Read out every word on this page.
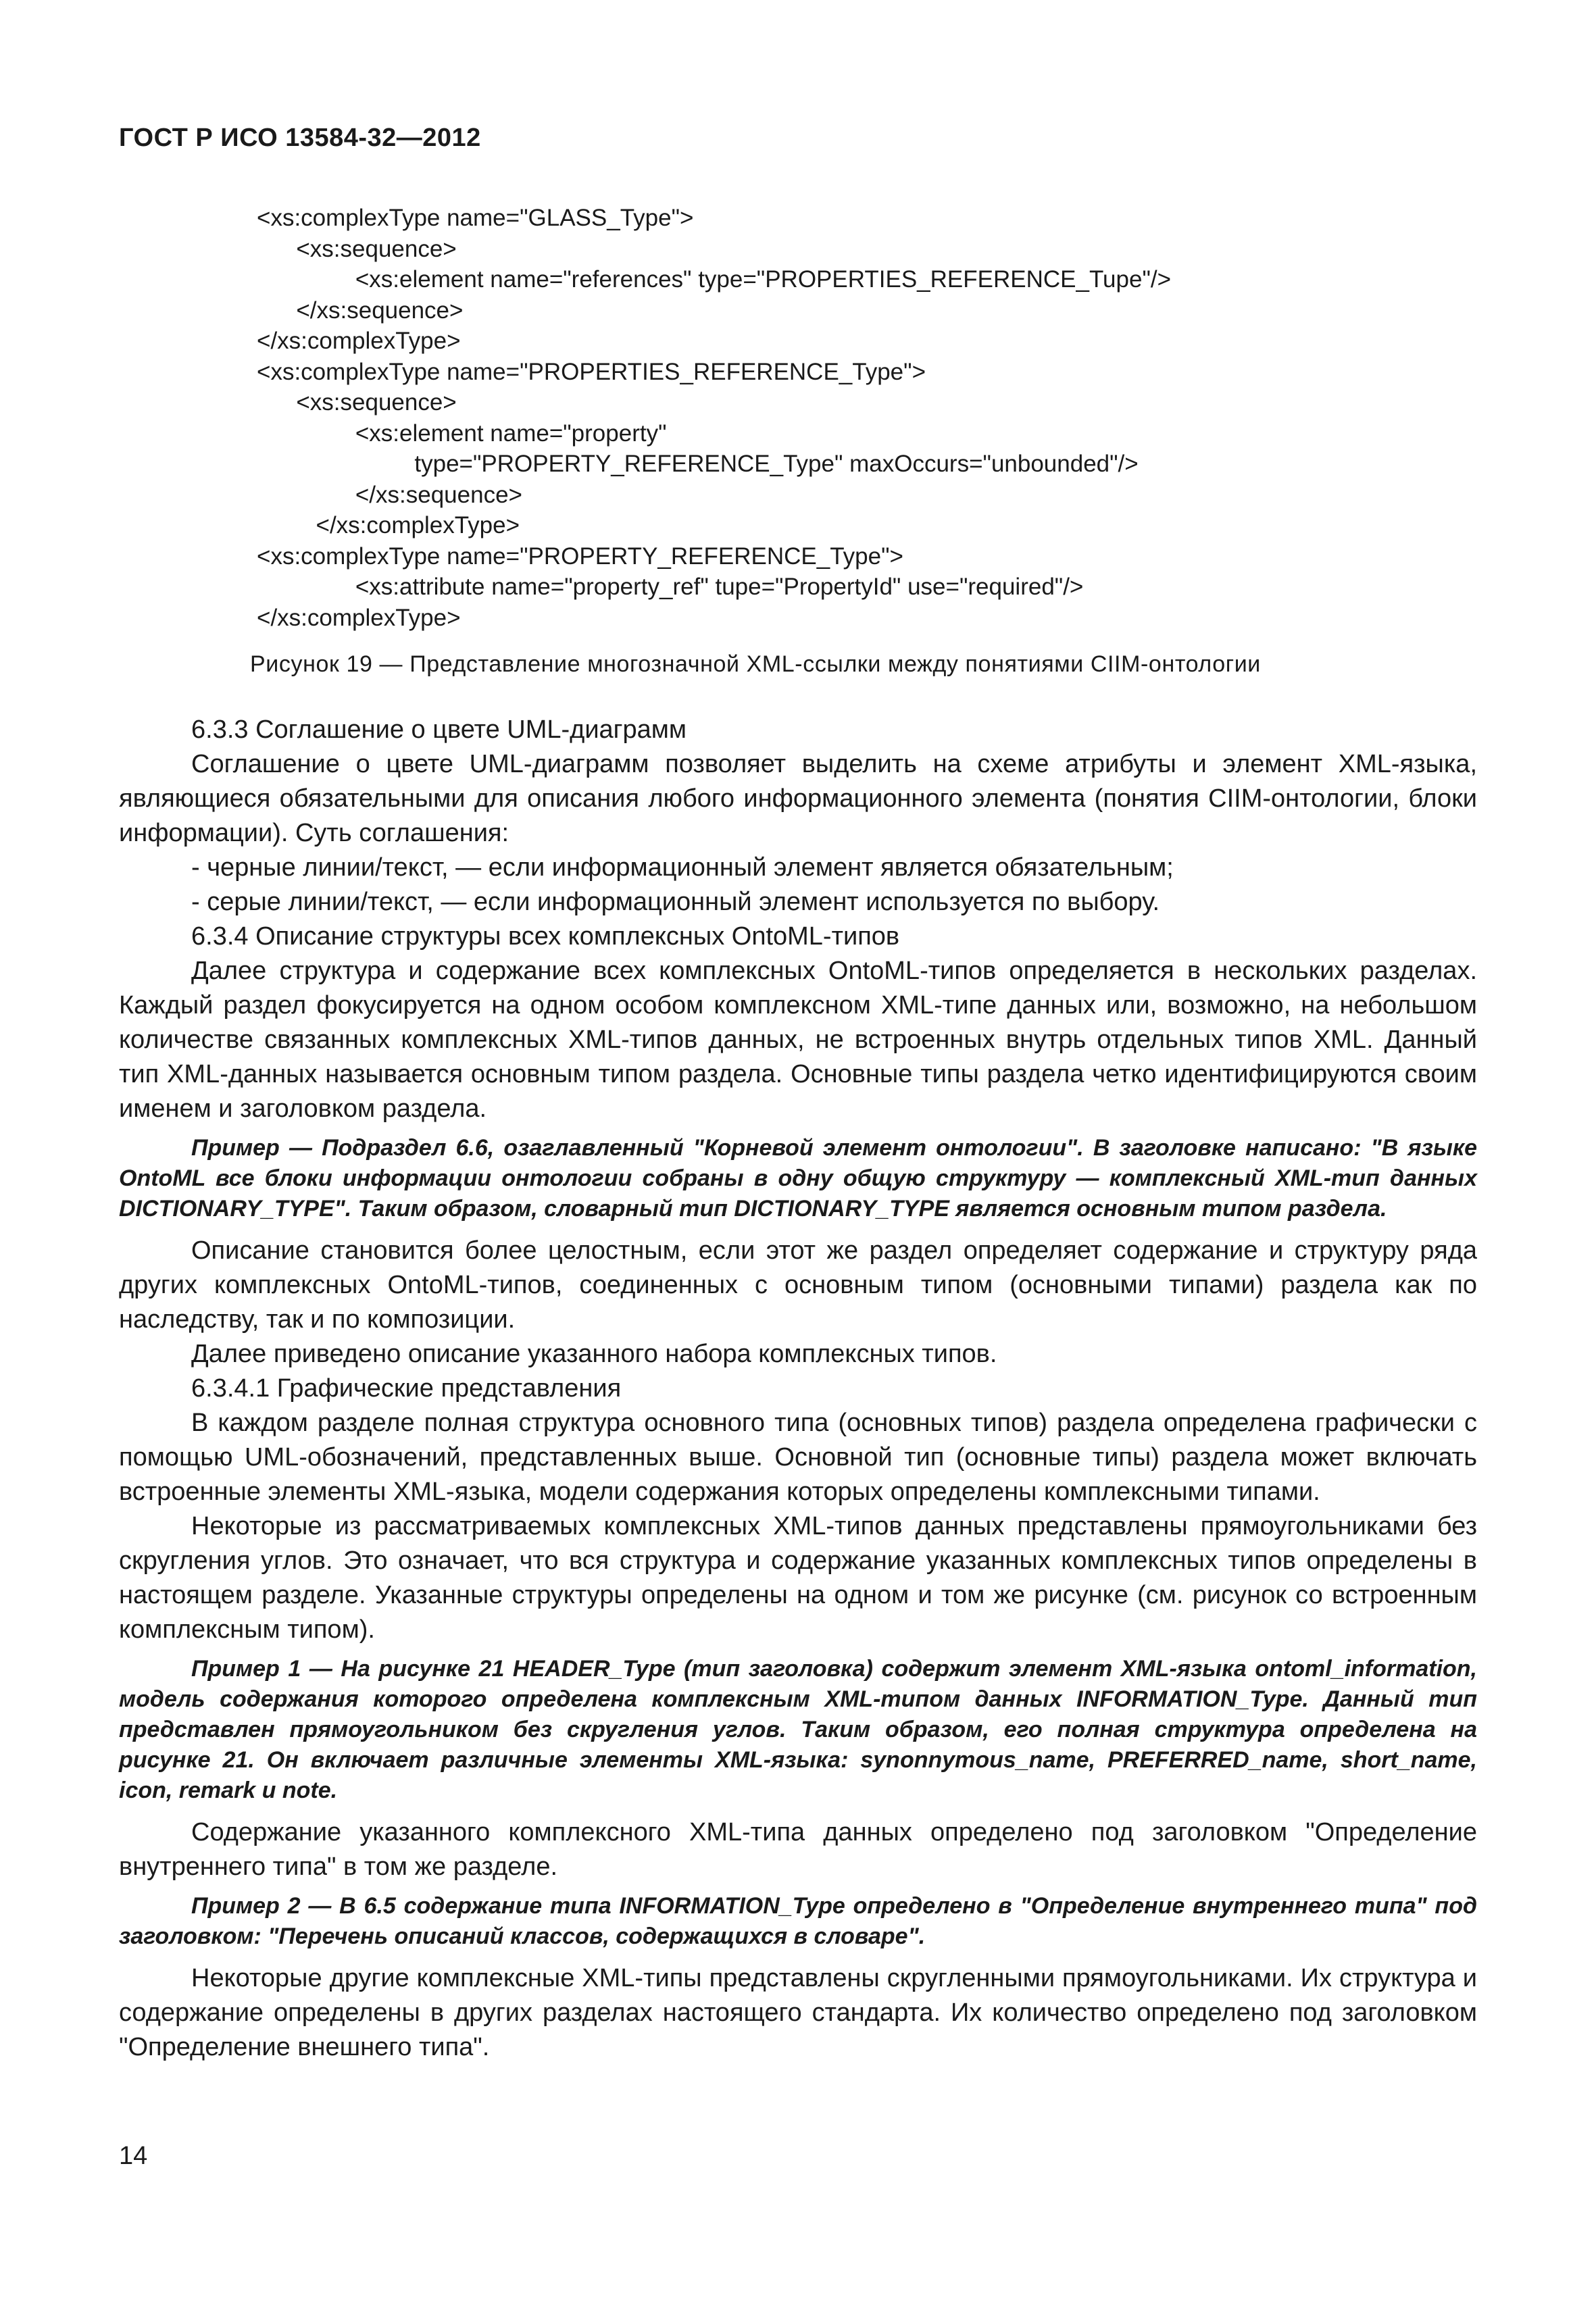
ГОСТ Р ИСО 13584-32—2012
<xs:complexType name="GLASS_Type">
<xs:sequence>
<xs:element name="references" type="PROPERTIES_REFERENCE_Tupe"/>
</xs:sequence>
</xs:complexType>
<xs:complexType name="PROPERTIES_REFERENCE_Type">
<xs:sequence>
<xs:element name="property"
type="PROPERTY_REFERENCE_Type" maxOccurs="unbounded"/>
</xs:sequence>
</xs:complexType>
<xs:complexType name="PROPERTY_REFERENCE_Type">
<xs:attribute name="property_ref" tupe="PropertyId" use="required"/>
</xs:complexType>
Рисунок 19 — Представление многозначной XML-ссылки между понятиями CIIM-онтологии

6.3.3 Соглашение о цвете UML-диаграмм

Соглашение о цвете UML-диаграмм позволяет выделить на схеме атрибуты и элемент XML-языка, являющиеся обязательными для описания любого информационного элемента (понятия CIIM-онтологии, блоки информации). Суть соглашения:

- черные линии/текст, — если информационный элемент является обязательным;

- серые линии/текст, — если информационный элемент используется по выбору.

6.3.4 Описание структуры всех комплексных OntoML-типов

Далее структура и содержание всех комплексных OntoML-типов определяется в нескольких разделах. Каждый раздел фокусируется на одном особом комплексном XML-типе данных или, возможно, на небольшом количестве связанных комплексных XML-типов данных, не встроенных внутрь отдельных типов XML. Данный тип XML-данных называется основным типом раздела. Основные типы раздела четко идентифицируются своим именем и заголовком раздела.

Пример — Подраздел 6.6, озаглавленный "Корневой элемент онтологии". В заголовке написано: "В языке OntoML все блоки информации онтологии собраны в одну общую структуру — комплексный XML-тип данных DICTIONARY_TYPE". Таким образом, словарный тип DICTIONARY_TYPE является основным типом раздела.

Описание становится более целостным, если этот же раздел определяет содержание и структуру ряда других комплексных OntoML-типов, соединенных с основным типом (основными типами) раздела как по наследству, так и по композиции.

Далее приведено описание указанного набора комплексных типов.

6.3.4.1 Графические представления

В каждом разделе полная структура основного типа (основных типов) раздела определена графически с помощью UML-обозначений, представленных выше. Основной тип (основные типы) раздела может включать встроенные элементы XML-языка, модели содержания которых определены комплексными типами.

Некоторые из рассматриваемых комплексных XML-типов данных представлены прямоугольниками без скругления углов. Это означает, что вся структура и содержание указанных комплексных типов определены в настоящем разделе. Указанные структуры определены на одном и том же рисунке (см. рисунок со встроенным комплексным типом).

Пример 1 — На рисунке 21 HEADER_Type (тип заголовка) содержит элемент XML-языка ontoml_information, модель содержания которого определена комплексным XML-типом данных INFORMATION_Type. Данный тип представлен прямоугольником без скругления углов. Таким образом, его полная структура определена на рисунке 21. Он включает различные элементы XML-языка: synonnymous_name, PREFERRED_name, short_name, icon, remark и note.

Содержание указанного комплексного XML-типа данных определено под заголовком "Определение внутреннего типа" в том же разделе.

Пример 2 — В 6.5 содержание типа INFORMATION_Type определено в "Определение внутреннего типа" под заголовком: "Перечень описаний классов, содержащихся в словаре".

Некоторые другие комплексные XML-типы представлены скругленными прямоугольниками. Их структура и содержание определены в других разделах настоящего стандарта. Их количество определено под заголовком "Определение внешнего типа".

14
